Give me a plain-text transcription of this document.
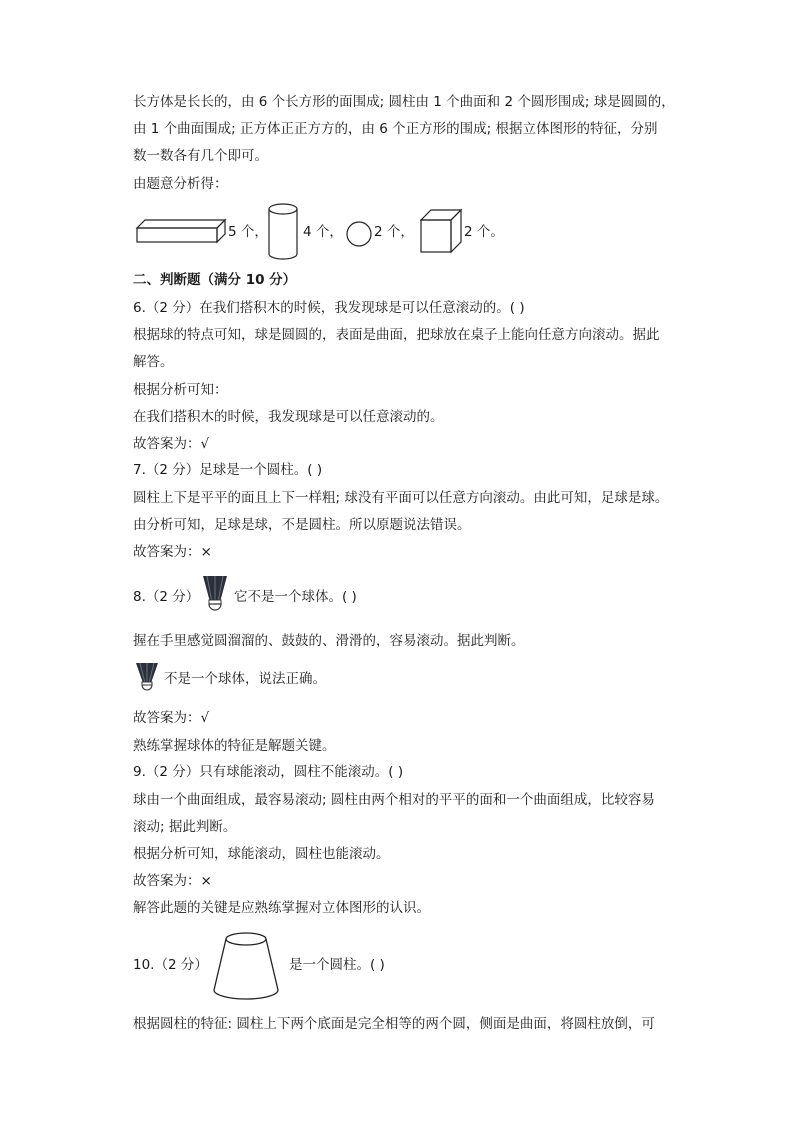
长方体是长长的，由 6 个长方形的面围成; 圆柱由 1 个曲面和 2 个圆形围成; 球是圆圆的，
由 1 个曲面围成; 正方体正正方方的，由 6 个正方形的围成; 根据立体图形的特征，分别
数一数各有几个即可。
由题意分析得：
5 个，	4 个， 2 个，	2 个。
二、判断题（满分 10 分）
6.（2 分）在我们搭积木的时候，我发现球是可以任意滚动的。( )
根据球的特点可知，球是圆圆的，表面是曲面，把球放在桌子上能向任意方向滚动。据此
解答。
根据分析可知：
在我们搭积木的时候，我发现球是可以任意滚动的。
故答案为：√
7.（2 分）足球是一个圆柱。( )
圆柱上下是平平的面且上下一样粗; 球没有平面可以任意方向滚动。由此可知，足球是球。
由分析可知，足球是球，不是圆柱。所以原题说法错误。
故答案为：×
8.（2 分）	它不是一个球体。( )
握在手里感觉圆溜溜的、鼓鼓的、滑滑的，容易滚动。据此判断。
不是一个球体，说法正确。
故答案为：√
熟练掌握球体的特征是解题关键。
9.（2 分）只有球能滚动，圆柱不能滚动。( )
球由一个曲面组成，最容易滚动; 圆柱由两个相对的平平的面和一个曲面组成，比较容易
滚动; 据此判断。
根据分析可知，球能滚动，圆柱也能滚动。
故答案为：×
解答此题的关键是应熟练掌握对立体图形的认识。
10.（2 分）	是一个圆柱。( )
根据圆柱的特征: 圆柱上下两个底面是完全相等的两个圆，侧面是曲面，将圆柱放倒，可
